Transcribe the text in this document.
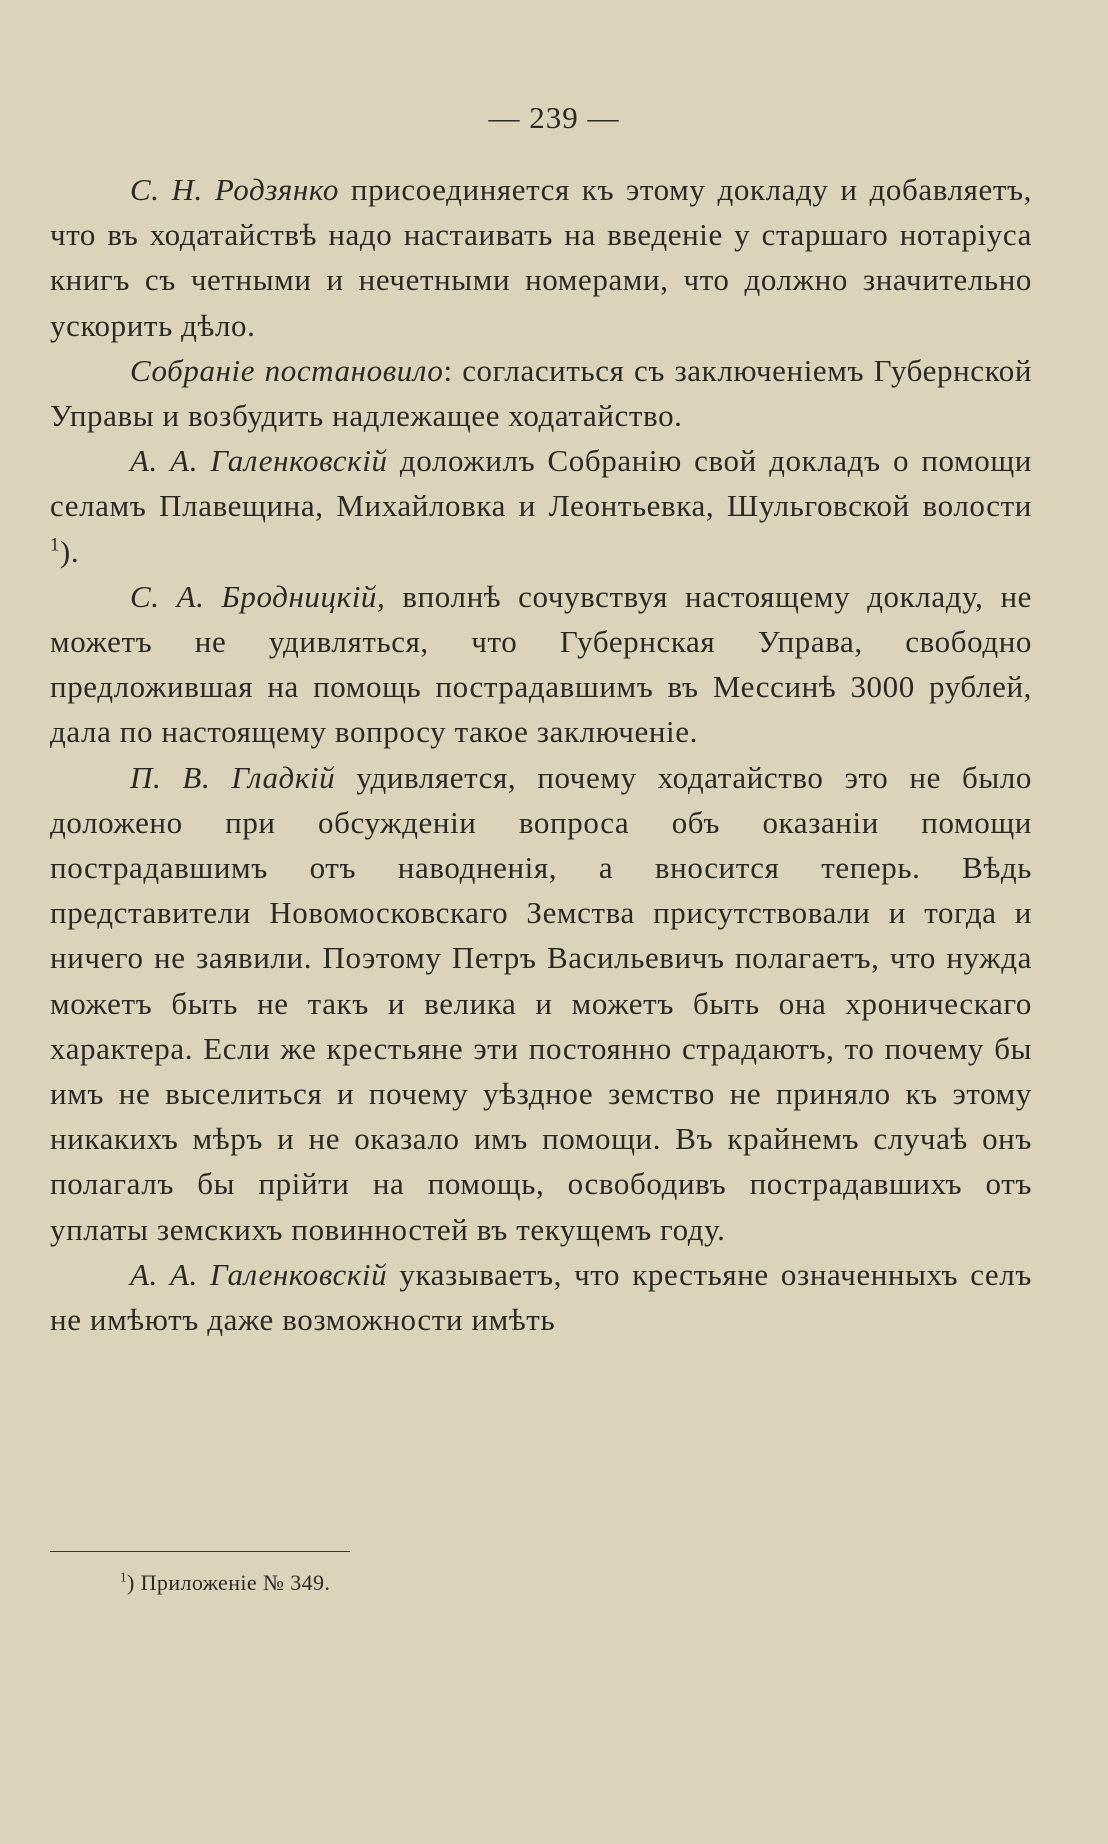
— 239 —

С. Н. Родзянко присоединяется къ этому докладу и добавляетъ, что въ ходатайствѣ надо настаивать на введеніе у старшаго нотаріуса книгъ съ четными и нечетными номерами, что должно значительно ускорить дѣло.

Собраніе постановило: согласиться съ заключеніемъ Губернской Управы и возбудить надлежащее ходатайство.

А. А. Галенковскій доложилъ Собранію свой докладъ о помощи селамъ Плавещина, Михайловка и Леонтьевка, Шульговской волости $^1$).

С. А. Бродницкій, вполнѣ сочувствуя настоящему докладу, не можетъ не удивляться, что Губернская Управа, свободно предложившая на помощь пострадавшимъ въ Мессинѣ 3000 рублей, дала по настоящему вопросу такое заключеніе.

П. В. Гладкій удивляется, почему ходатайство это не было доложено при обсужденіи вопроса объ оказаніи помощи пострадавшимъ отъ наводненія, а вносится теперь. Вѣдь представители Новомосковскаго Земства присутствовали и тогда и ничего не заявили. Поэтому Петръ Васильевичъ полагаетъ, что нужда можетъ быть не такъ и велика и можетъ быть она хроническаго характера. Если же крестьяне эти постоянно страдаютъ, то почему бы имъ не выселиться и почему уѣздное земство не приняло къ этому никакихъ мѣръ и не оказало имъ помощи. Въ крайнемъ случаѣ онъ полагалъ бы прійти на помощь, освободивъ пострадавшихъ отъ уплаты земскихъ повинностей въ текущемъ году.

А. А. Галенковскій указываетъ, что крестьяне означенныхъ селъ не имѣютъ даже возможности имѣть

$^1$) Приложеніе № 349.
